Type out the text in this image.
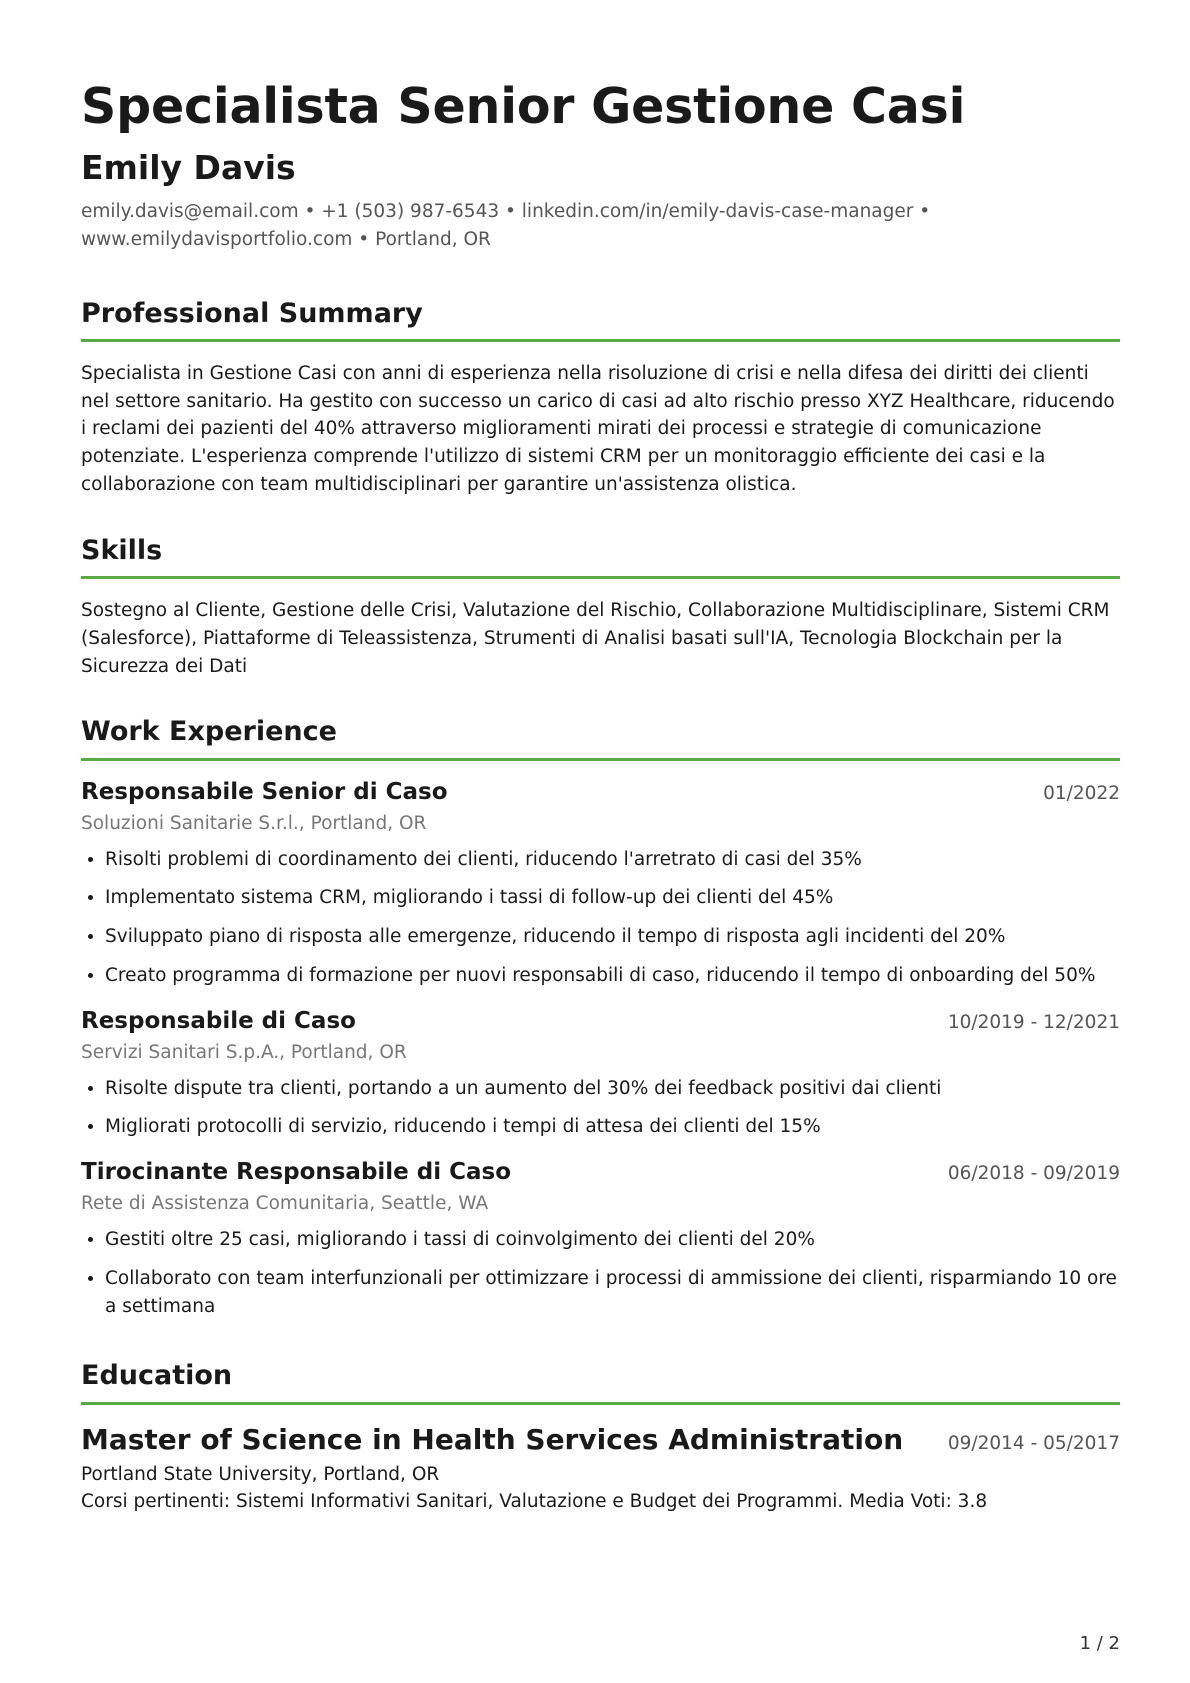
Specialista Senior Gestione Casi
Emily Davis
emily.davis@email.com • +1 (503) 987-6543 • linkedin.com/in/emily-davis-case-manager •
www.emilydavisportfolio.com • Portland, OR
Professional Summary
Specialista in Gestione Casi con anni di esperienza nella risoluzione di crisi e nella difesa dei diritti dei clienti nel settore sanitario. Ha gestito con successo un carico di casi ad alto rischio presso XYZ Healthcare, riducendo i reclami dei pazienti del 40% attraverso miglioramenti mirati dei processi e strategie di comunicazione potenziate. L'esperienza comprende l'utilizzo di sistemi CRM per un monitoraggio efficiente dei casi e la collaborazione con team multidisciplinari per garantire un'assistenza olistica.
Skills
Sostegno al Cliente, Gestione delle Crisi, Valutazione del Rischio, Collaborazione Multidisciplinare, Sistemi CRM (Salesforce), Piattaforme di Teleassistenza, Strumenti di Analisi basati sull'IA, Tecnologia Blockchain per la Sicurezza dei Dati
Work Experience
Responsabile Senior di Caso	01/2022
Soluzioni Sanitarie S.r.l., Portland, OR
• Risolti problemi di coordinamento dei clienti, riducendo l'arretrato di casi del 35%
• Implementato sistema CRM, migliorando i tassi di follow-up dei clienti del 45%
• Sviluppato piano di risposta alle emergenze, riducendo il tempo di risposta agli incidenti del 20%
• Creato programma di formazione per nuovi responsabili di caso, riducendo il tempo di onboarding del 50%
Responsabile di Caso	10/2019 - 12/2021
Servizi Sanitari S.p.A., Portland, OR
• Risolte dispute tra clienti, portando a un aumento del 30% dei feedback positivi dai clienti
• Migliorati protocolli di servizio, riducendo i tempi di attesa dei clienti del 15%
Tirocinante Responsabile di Caso	06/2018 - 09/2019
Rete di Assistenza Comunitaria, Seattle, WA
• Gestiti oltre 25 casi, migliorando i tassi di coinvolgimento dei clienti del 20%
• Collaborato con team interfunzionali per ottimizzare i processi di ammissione dei clienti, risparmiando 10 ore a settimana
Education
Master of Science in Health Services Administration 09/2014 - 05/2017
Portland State University, Portland, OR
Corsi pertinenti: Sistemi Informativi Sanitari, Valutazione e Budget dei Programmi. Media Voti: 3.8
1 / 2
